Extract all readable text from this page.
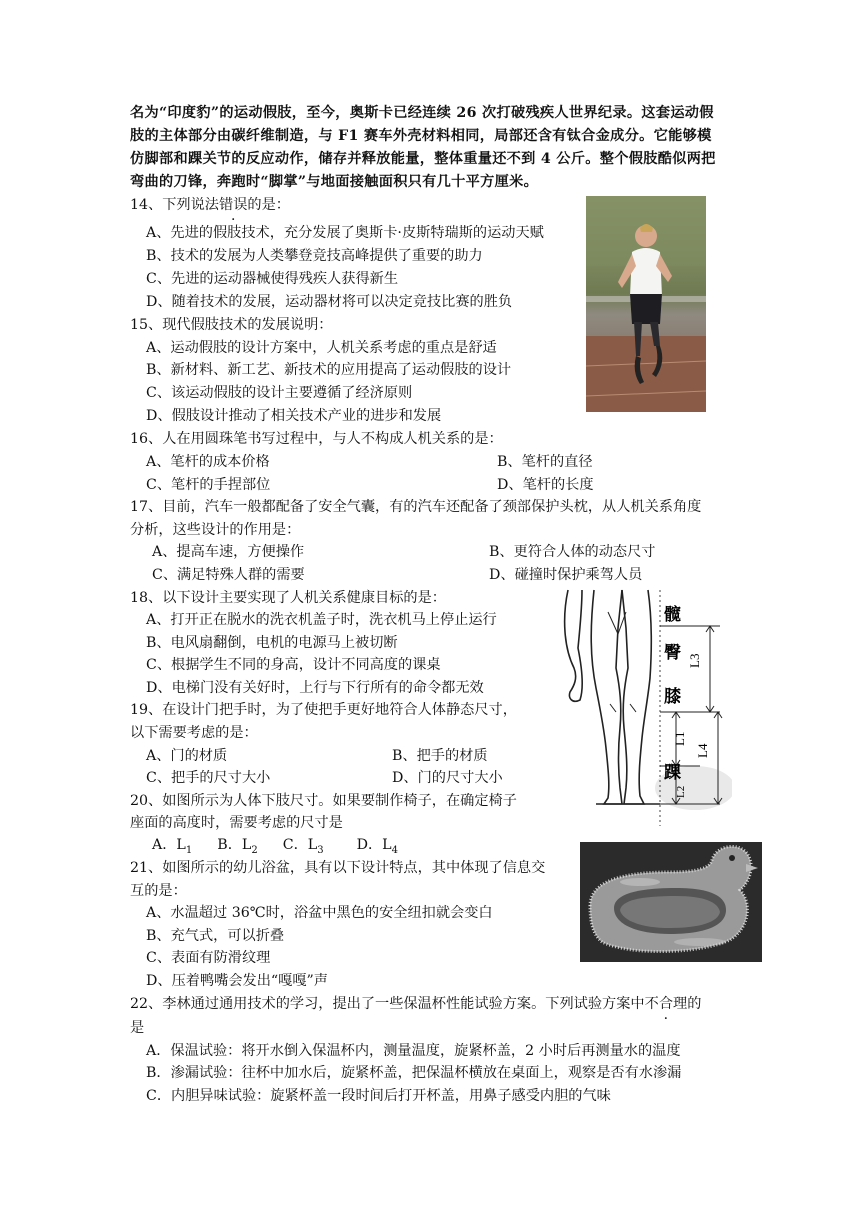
名为“印度豹”的运动假肢，至今，奥斯卡已经连续 26 次打破残疾人世界纪录。这套运动假
肢的主体部分由碳纤维制造，与 F1 赛车外壳材料相同，局部还含有钛合金成分。它能够模
仿脚部和踝关节的反应动作，储存并释放能量，整体重量还不到 4 公斤。整个假肢酷似两把
弯曲的刀锋，奔跑时“脚掌”与地面接触面积只有几十平方厘米。
14、下列说法错误的是：
A、先进的假肢技术，充分发展了奥斯卡·皮斯特瑞斯的运动天赋
B、技术的发展为人类攀登竞技高峰提供了重要的助力
C、先进的运动器械使得残疾人获得新生
D、随着技术的发展，运动器材将可以决定竞技比赛的胜负
15、现代假肢技术的发展说明：
A、运动假肢的设计方案中，人机关系考虑的重点是舒适
B、新材料、新工艺、新技术的应用提高了运动假肢的设计
C、该运动假肢的设计主要遵循了经济原则
D、假肢设计推动了相关技术产业的进步和发展
16、人在用圆珠笔书写过程中，与人不构成人机关系的是：
A、笔杆的成本价格	B、笔杆的直径
C、笔杆的手捏部位	D、笔杆的长度
17、目前，汽车一般都配备了安全气囊，有的汽车还配备了颈部保护头枕，从人机关系角度
分析，这些设计的作用是：
A、提高车速，方便操作	B、更符合人体的动态尺寸
C、满足特殊人群的需要	D、碰撞时保护乘驾人员
18、以下设计主要实现了人机关系健康目标的是：
A、打开正在脱水的洗衣机盖子时，洗衣机马上停止运行
B、电风扇翻倒，电机的电源马上被切断
C、根据学生不同的身高，设计不同高度的课桌
D、电梯门没有关好时，上行与下行所有的命令都无效
髋
臀
膝
踝
L3
L4
L1
L2
19、在设计门把手时，为了使把手更好地符合人体静态尺寸，
以下需要考虑的是：
A、门的材质	B、把手的材质
C、把手的尺寸大小	D、门的尺寸大小
20、如图所示为人体下肢尺寸。如果要制作椅子，在确定椅子
座面的高度时，需要考虑的尺寸是
A．$L_1$ B．$L_2$ C．$L_3$ D．$L_4$
21、如图所示的幼儿浴盆，具有以下设计特点，其中体现了信息交
互的是：
A、水温超过 36℃时，浴盆中黑色的安全纽扣就会变白
B、充气式，可以折叠
C、表面有防滑纹理
D、压着鸭嘴会发出“嘎嘎”声
22、李林通过通用技术的学习，提出了一些保温杯性能试验方案。下列试验方案中不合理的
是
A．保温试验：将开水倒入保温杯内，测量温度，旋紧杯盖，2 小时后再测量水的温度
B．渗漏试验：往杯中加水后，旋紧杯盖，把保温杯横放在桌面上，观察是否有水渗漏
C．内胆异味试验：旋紧杯盖一段时间后打开杯盖，用鼻子感受内胆的气味
